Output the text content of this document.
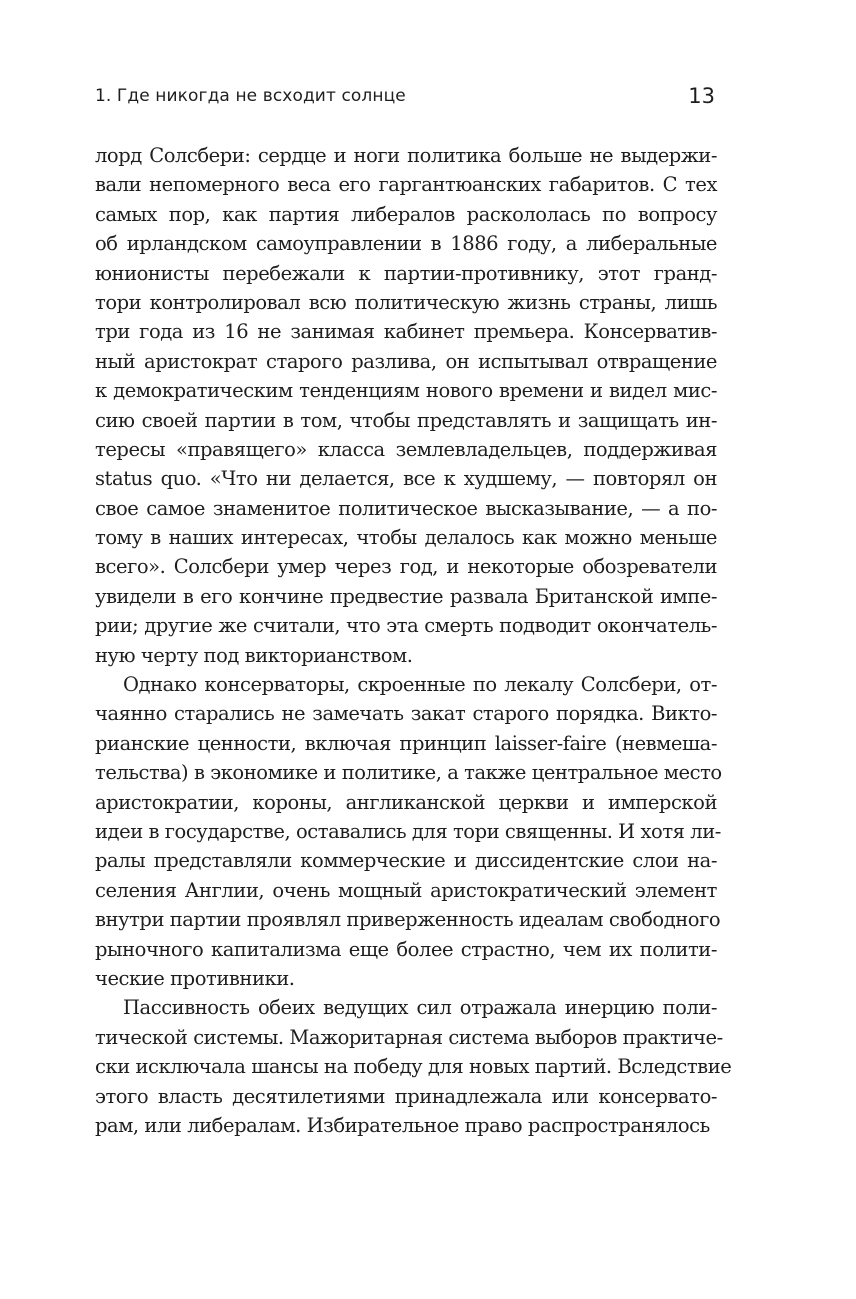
1. Где никогда не всходит солнце	13
лорд Солсбери: сердце и ноги политика больше не выдержи-
вали непомерного веса его гаргантюанских габаритов. С тех
самых пор, как партия либералов раскололась по вопросу
об ирландском самоуправлении в 1886 году, а либеральные
юнионисты перебежали к партии-противнику, этот гранд-
тори контролировал всю политическую жизнь страны, лишь
три года из 16 не занимая кабинет премьера. Консерватив-
ный аристократ старого разлива, он испытывал отвращение
к демократическим тенденциям нового времени и видел мис-
сию своей партии в том, чтобы представлять и защищать ин-
тересы «правящего» класса землевладельцев, поддерживая
status quo. «Что ни делается, все к худшему, — повторял он
свое самое знаменитое политическое высказывание, — а по-
тому в наших интересах, чтобы делалось как можно меньше
всего». Солсбери умер через год, и некоторые обозреватели
увидели в его кончине предвестие развала Британской импе-
рии; другие же считали, что эта смерть подводит окончатель-
ную черту под викторианством.
Однако консерваторы, скроенные по лекалу Солсбери, от-
чаянно старались не замечать закат старого порядка. Викто-
рианские ценности, включая принцип laisser-faire (невмеша-
тельства) в экономике и политике, а также центральное место
аристократии, короны, англиканской церкви и имперской
идеи в государстве, оставались для тори священны. И хотя ли-
ралы представляли коммерческие и диссидентские слои на-
селения Англии, очень мощный аристократический элемент
внутри партии проявлял приверженность идеалам свободного
рыночного капитализма еще более страстно, чем их полити-
ческие противники.
Пассивность обеих ведущих сил отражала инерцию поли-
тической системы. Мажоритарная система выборов практиче-
ски исключала шансы на победу для новых партий. Вследствие
этого власть десятилетиями принадлежала или консервато-
рам, или либералам. Избирательное право распространялось
